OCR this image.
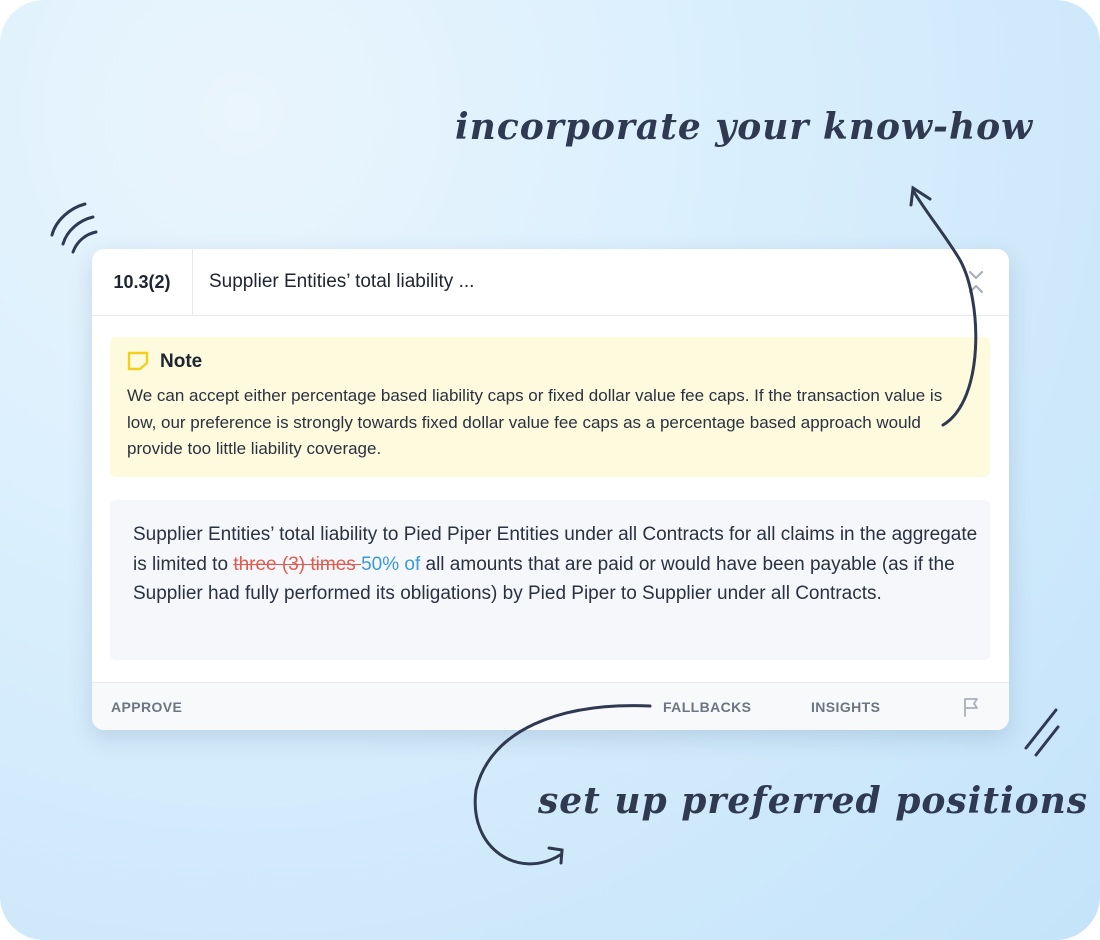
incorporate your know-how
set up preferred positions
10.3(2)	Supplier Entities’ total liability ...
Note
We can accept either percentage based liability caps or fixed dollar value fee caps. If the transaction value is low, our preference is strongly towards fixed dollar value fee caps as a percentage based approach would provide too little liability coverage.
Supplier Entities’ total liability to Pied Piper Entities under all Contracts for all claims in the aggregate is limited to three (3) times 50% of all amounts that are paid or would have been payable (as if the Supplier had fully performed its obligations) by Pied Piper to Supplier under all Contracts.
APPROVE	FALLBACKS	INSIGHTS
